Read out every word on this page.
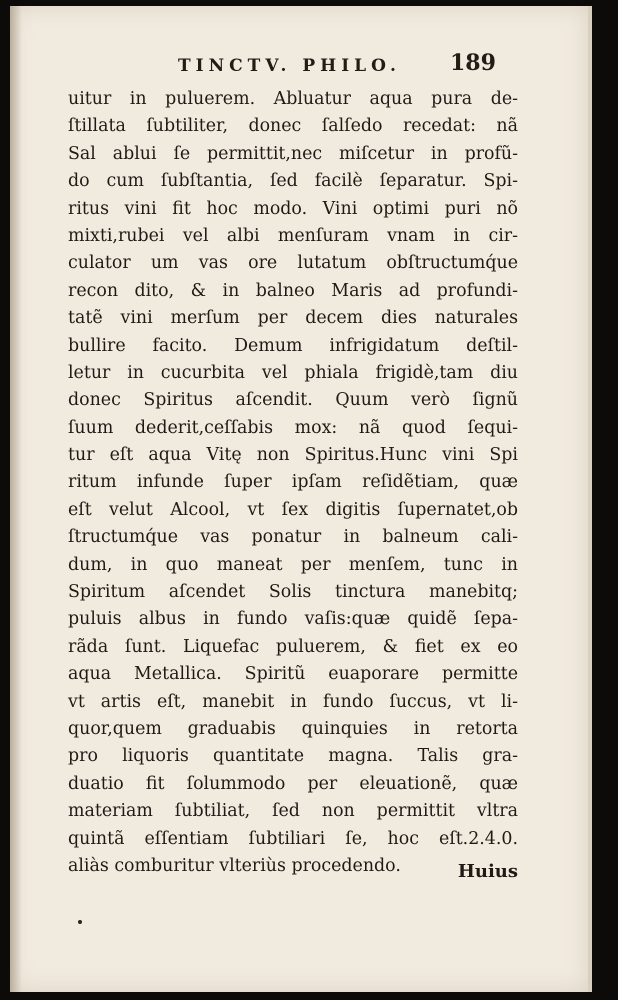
TINCTV. PHILO. 189
uitur in puluerem. Abluatur aqua pura de-
ſtillata ſubtiliter, donec ſalſedo recedat: nã
Sal ablui ſe permittit,nec miſcetur in profũ-
do cum ſubſtantia, ſed facilè ſeparatur. Spi-
ritus vini fit hoc modo. Vini optimi puri nõ
mixti,rubei vel albi menſuram vnam in cir-
culator um vas ore lutatum obſtructumq́ue
recon dito, & in balneo Maris ad profundi-
tatẽ vini merſum per decem dies naturales
bullire facito. Demum infrigidatum deſtil-
letur in cucurbita vel phiala frigidè,tam diu
donec Spiritus aſcendit. Quum verò ſignũ
ſuum dederit,ceſſabis mox: nã quod ſequi-
tur eſt aqua Vitę non Spiritus.Hunc vini Spi
ritum infunde ſuper ipſam reſidẽtiam, quæ
eſt velut Alcool, vt ſex digitis ſupernatet,ob
ſtructumq́ue vas ponatur in balneum cali-
dum, in quo maneat per menſem, tunc in
Spiritum aſcendet Solis tinctura manebitq;
puluis albus in fundo vaſis:quæ quidẽ ſepa-
rãda ſunt. Liquefac puluerem, & fiet ex eo
aqua Metallica. Spiritũ euaporare permitte
vt artis eſt, manebit in fundo ſuccus, vt li-
quor,quem graduabis quinquies in retorta
pro liquoris quantitate magna. Talis gra-
duatio fit ſolummodo per eleuationẽ, quæ
materiam ſubtiliat, ſed non permittit vltra
quintã eſſentiam ſubtiliari ſe, hoc eſt.2.4.0.
aliàs comburitur vlteriùs procedendo.	Huius
